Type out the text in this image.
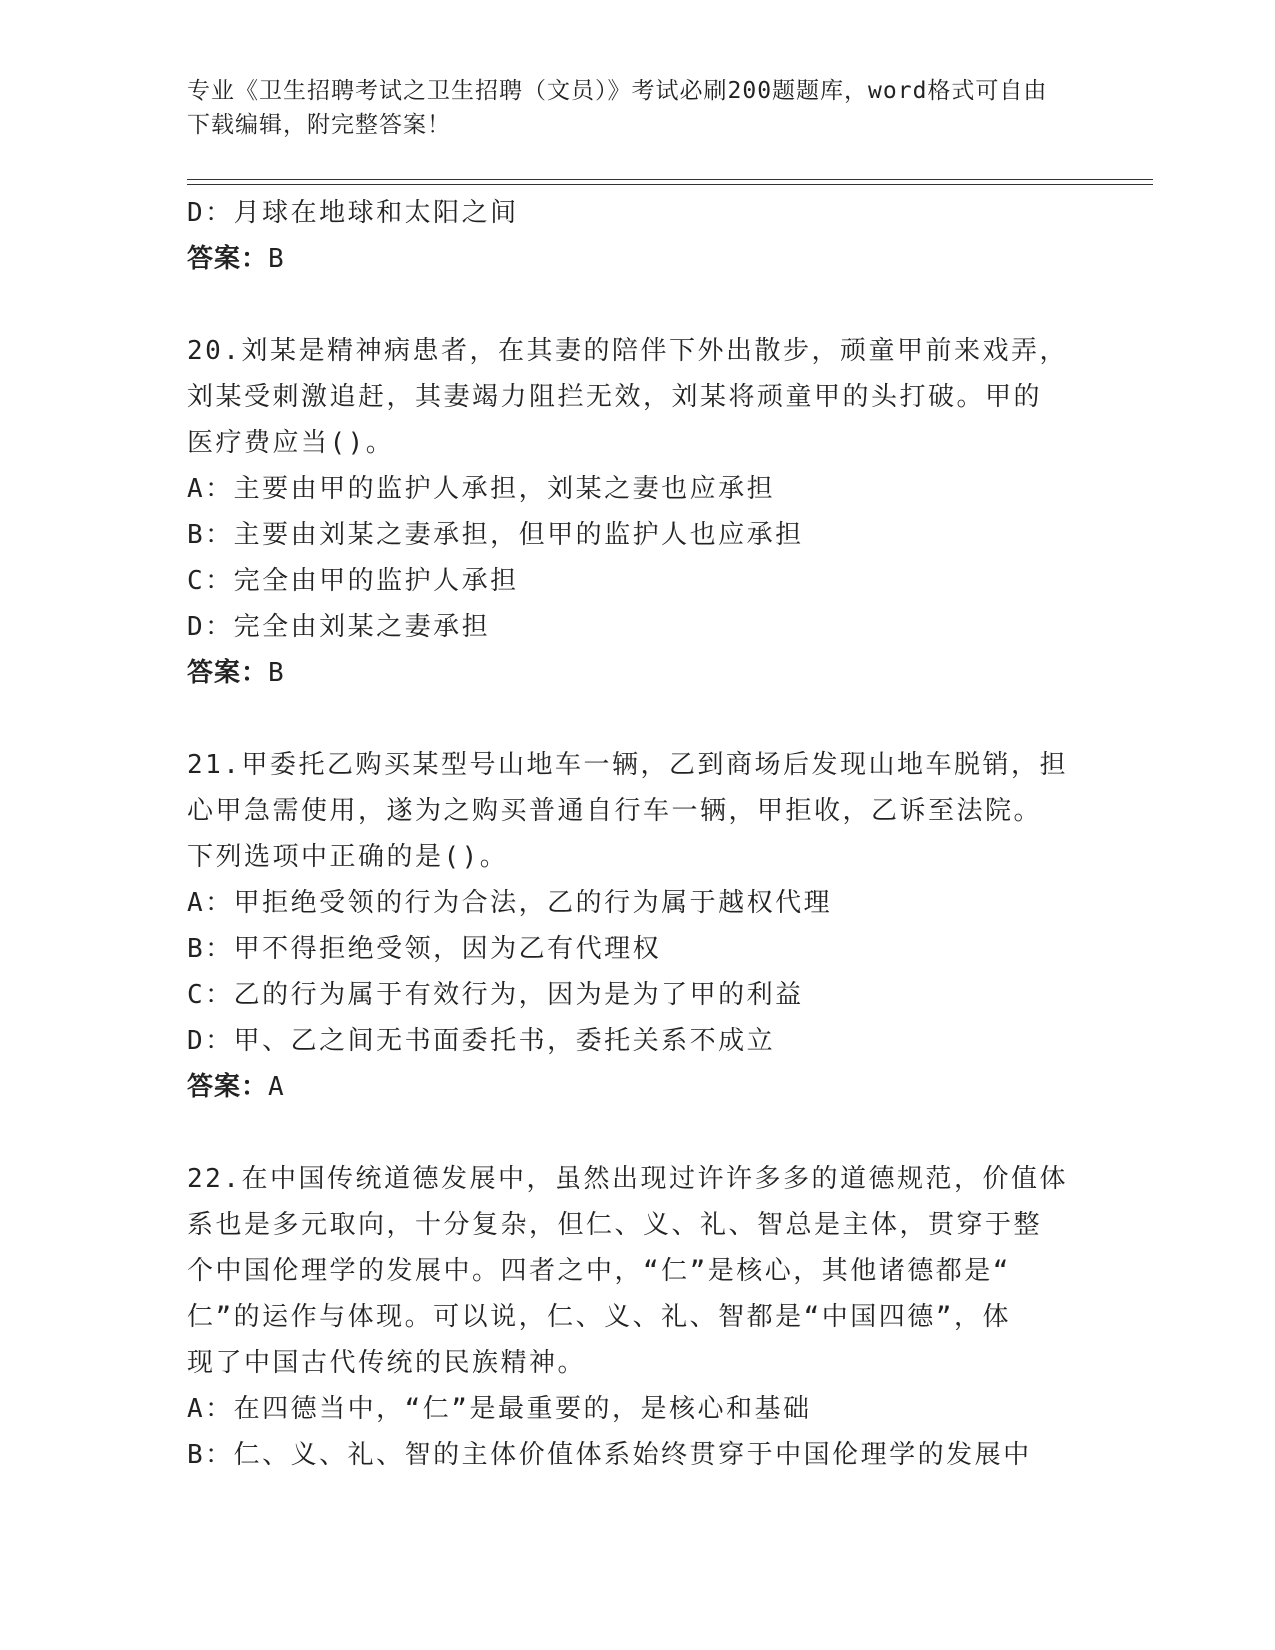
专业《卫生招聘考试之卫生招聘（文员）》考试必刷200题题库，word格式可自由下载编辑，附完整答案！
D：月球在地球和太阳之间
答案：B
20.刘某是精神病患者，在其妻的陪伴下外出散步，顽童甲前来戏弄，
刘某受刺激追赶，其妻竭力阻拦无效，刘某将顽童甲的头打破。甲的
医疗费应当()。
A：主要由甲的监护人承担，刘某之妻也应承担
B：主要由刘某之妻承担，但甲的监护人也应承担
C：完全由甲的监护人承担
D：完全由刘某之妻承担
答案：B
21.甲委托乙购买某型号山地车一辆，乙到商场后发现山地车脱销，担
心甲急需使用，遂为之购买普通自行车一辆，甲拒收，乙诉至法院。
下列选项中正确的是()。
A：甲拒绝受领的行为合法，乙的行为属于越权代理
B：甲不得拒绝受领，因为乙有代理权
C：乙的行为属于有效行为，因为是为了甲的利益
D：甲、乙之间无书面委托书，委托关系不成立
答案：A
22.在中国传统道德发展中，虽然出现过许许多多的道德规范，价值体
系也是多元取向，十分复杂，但仁、义、礼、智总是主体，贯穿于整
个中国伦理学的发展中。四者之中，“仁”是核心，其他诸德都是“
仁”的运作与体现。可以说，仁、义、礼、智都是“中国四德”，体
现了中国古代传统的民族精神。
A：在四德当中，“仁”是最重要的，是核心和基础
B：仁、义、礼、智的主体价值体系始终贯穿于中国伦理学的发展中
